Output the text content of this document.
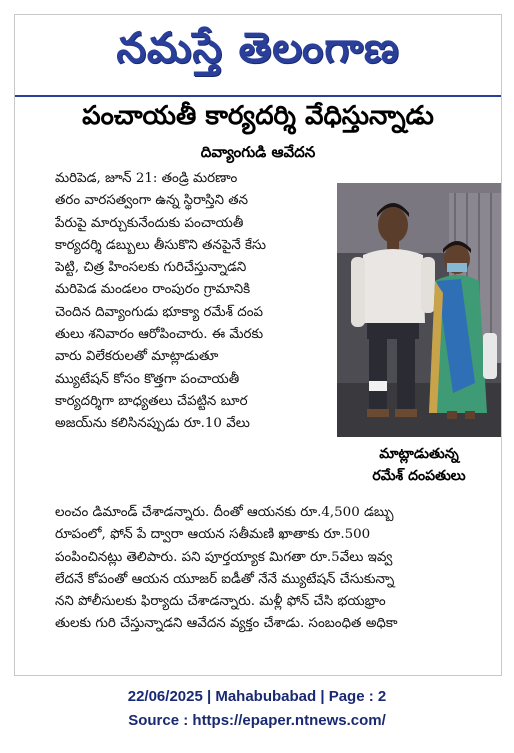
నమస్తే తెలంగాణ
పంచాయతీ కార్యదర్శి వేధిస్తున్నాడు
దివ్యాంగుడి ఆవేదన

మరిపెడ, జూన్ 21: తండ్రి మరణాం
తరం వారసత్వంగా ఉన్న స్థిరాస్తిని తన
పేరుపై మార్చుకునేందుకు పంచాయతీ
కార్యదర్శి డబ్బులు తీసుకొని తనపైనే కేసు
పెట్టి, చిత్ర హింసలకు గురిచేస్తున్నాడని
మరిపెడ మండలం రాంపురం గ్రామానికి
చెందిన దివ్యాంగుడు భూక్యా రమేశ్ దంప
తులు శనివారం ఆరోపించారు. ఈ మేరకు
వారు విలేకరులతో మాట్లాడుతూ
మ్యుటేషన్ కోసం కొత్తగా పంచాయతీ
కార్యదర్శిగా బాధ్యతలు చేపట్టిన బూర
అజయ్‌ను కలిసినప్పుడు రూ.10 వేలు

మాట్లాడుతున్న
రమేశ్ దంపతులు

లంచం డిమాండ్ చేశాడన్నారు. దీంతో ఆయనకు రూ.4,500 డబ్బు
రూపంలో, ఫోన్ పే ద్వారా ఆయన సతీమణి ఖాతాకు రూ.500
పంపించినట్లు తెలిపారు. పని పూర్తయ్యాక మిగతా రూ.5వేలు ఇవ్వ
లేదనే కోపంతో ఆయన యూజర్ ఐడీతో నేనే మ్యుటేషన్ చేసుకున్నా
నని పోలీసులకు ఫిర్యాదు చేశాడన్నారు. మళ్లీ ఫోన్ చేసి భయభ్రాం
తులకు గురి చేస్తున్నాడని ఆవేదన వ్యక్తం చేశాడు. సంబంధిత అధికా

22/06/2025 | Mahabubabad | Page : 2
Source : https://epaper.ntnews.com/
